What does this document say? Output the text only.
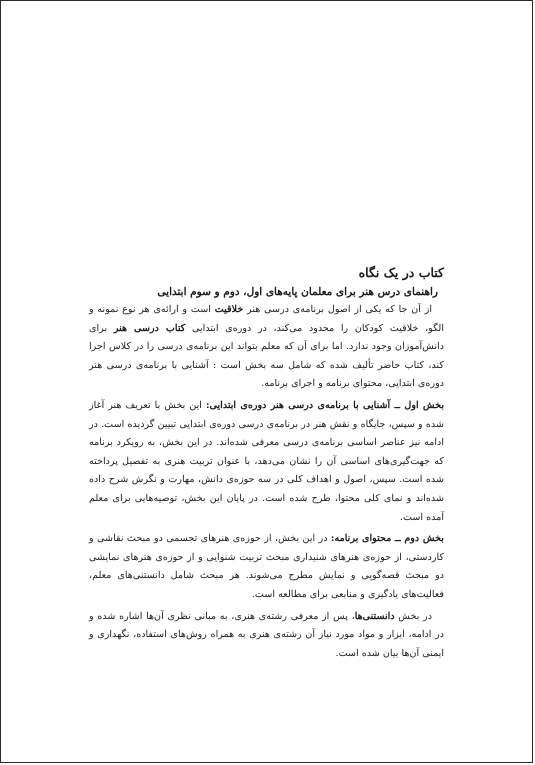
کتاب در یک نگاه
راهنمای درس هنر برای معلمان پایه‌های اول، دوم و سوم ابتدایی

از آن جا که یکی از اصول برنامه‌ی درسی هنر خلاقیت است و ارائه‌ی هر نوع نمونه و الگو، خلاقیت کودکان را محدود می‌کند، در دوره‌ی ابتدایی کتاب درسی هنر برای دانش‌آموزان وجود ندارد. اما برای آن که معلم بتواند این برنامه‌ی درسی را در کلاس اجرا کند، کتاب حاضر تألیف شده که شامل سه بخش است : آشنایی با برنامه‌ی درسی هنر دوره‌ی ابتدایی، محتوای برنامه و اجرای برنامه.

بخش اول ــ آشنایی با برنامه‌ی درسی هنر دوره‌ی ابتدایی: این بخش با تعریف هنر آغاز شده و سپس، جایگاه و نقش هنر در برنامه‌ی درسی دوره‌ی ابتدایی تبیین گردیده است. در ادامه نیز عناصر اساسی برنامه‌ی درسی معرفی شده‌اند. در این بخش، به رویکرد برنامه که جهت‌گیری‌های اساسی آن را نشان می‌دهد، با عنوان تربیت هنری به تفصیل پرداخته شده است. سپس، اصول و اهداف کلی در سه حوزه‌ی دانش، مهارت و نگرش شرح داده شده‌اند و نمای کلی محتوا، طرح شده است. در پایان این بخش، توصیه‌هایی برای معلم آمده است.

بخش دوم ــ محتوای برنامه: در این بخش، از حوزه‌ی هنرهای تجسمی دو مبحث نقاشی و کاردستی، از حوزه‌ی هنرهای شنیداری مبحث تربیت شنوایی و از حوزه‌ی هنرهای نمایشی دو مبحث قصه‌گویی و نمایش مطرح می‌شوند. هر مبحث شامل دانستنی‌های معلم، فعالیت‌های یادگیری و منابعی برای مطالعه است.

در بخش دانستنی‌ها، پس از معرفی رشته‌ی هنری، به مبانی نظری آن‌ها اشاره شده و در ادامه، ابزار و مواد مورد نیاز آن رشته‌ی هنری به همراه روش‌های استفاده، نگهداری و ایمنی آن‌ها بیان شده است.
